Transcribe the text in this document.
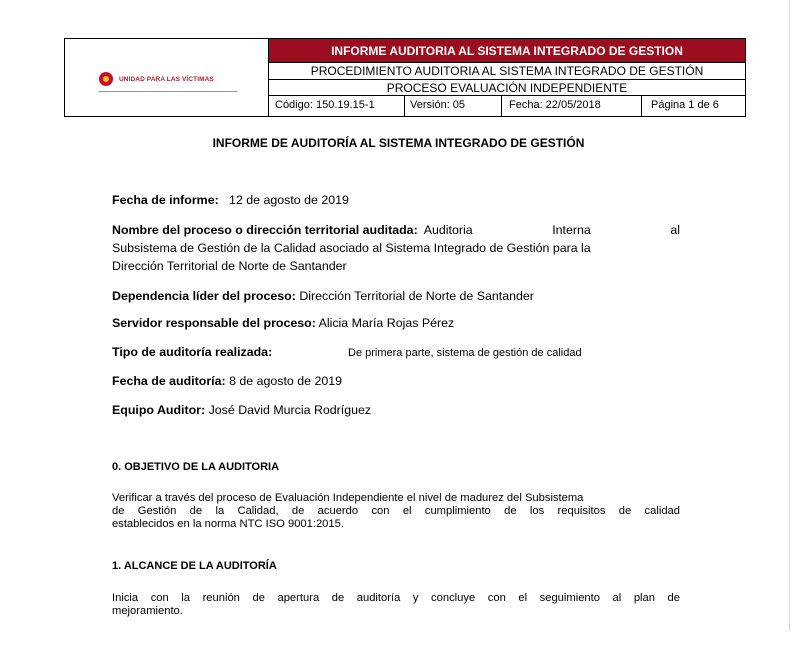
UNIDAD PARA LAS VÍCTIMAS
INFORME AUDITORIA AL SISTEMA INTEGRADO DE GESTION
PROCEDIMIENTO AUDITORIA AL SISTEMA INTEGRADO DE GESTIÓN
PROCESO EVALUACIÓN INDEPENDIENTE
Código: 150.19.15-1	Versión: 05	Fecha: 22/05/2018	Página 1 de 6
INFORME DE AUDITORÍA AL SISTEMA INTEGRADO DE GESTIÓN
Fecha de informe: 12 de agosto de 2019
Nombre del proceso o dirección territorial auditada: Auditoria	Interna	al
Subsistema de Gestión de la Calidad asociado al Sistema Integrado de Gestión para la
Dirección Territorial de Norte de Santander
Dependencia líder del proceso: Dirección Territorial de Norte de Santander
Servidor responsable del proceso: Alicia María Rojas Pérez
Tipo de auditoría realizada:	De primera parte, sistema de gestión de calidad
Fecha de auditoría: 8 de agosto de 2019
Equipo Auditor: José David Murcia Rodríguez
0. OBJETIVO DE LA AUDITORIA
Verificar a través del proceso de Evaluación Independiente el nivel de madurez del Subsistema
de Gestión de la Calidad, de acuerdo con el cumplimiento de los requisitos de calidad
establecidos en la norma NTC ISO 9001:2015.
1. ALCANCE DE LA AUDITORÍA
Inicia con la reunión de apertura de auditoría y concluye con el seguimiento al plan de
mejoramiento.
